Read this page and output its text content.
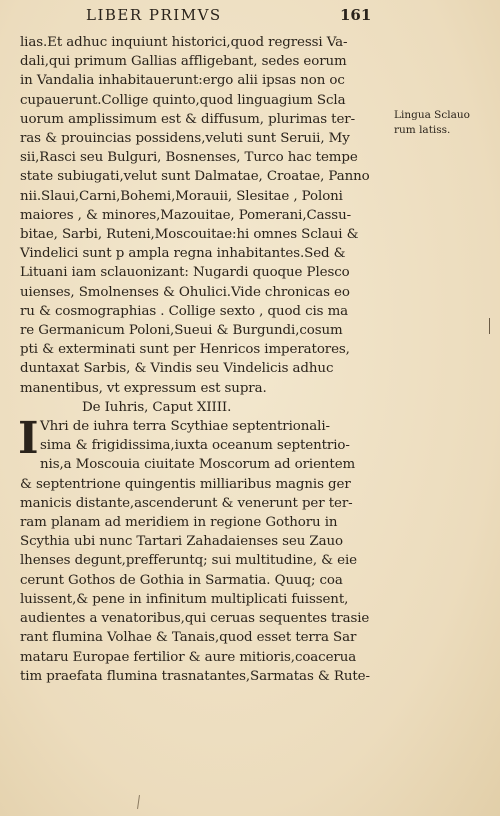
LIBER PRIMVS	161
lias.Et adhuc inquiunt historici,quod regressi Va‑
dali,qui primum Gallias affligebant, sedes eorum
in Vandalia inhabitauerunt:ergo alii ipsas non oc
cupauerunt.Collige quinto,quod linguagium Scla
uorum amplissimum est & diffusum, plurimas ter‑
ras & prouincias possidens,veluti sunt Seruii, My
sii,Rasci seu Bulguri, Bosnenses, Turco hac tempe
state subiugati,velut sunt Dalmatae, Croatae, Panno
nii.Slaui,Carni,Bohemi,Morauii, Slesitae , Poloni
maiores , & minores,Mazouitae, Pomerani,Cassu‑
bitae, Sarbi, Ruteni,Moscouitae:hi omnes Sclaui &
Vindelici sunt p ampla regna inhabitantes.Sed &
Lituani iam sclauonizant: Nugardi quoque Plesco
uienses, Smolnenses & Ohulici.Vide chronicas eo
ru & cosmographias . Collige sexto , quod cis ma
re Germanicum Poloni,Sueui & Burgundi,cosum
pti & exterminati sunt per Henricos imperatores,
duntaxat Sarbis, & Vindis seu Vindelicis adhuc
manentibus, vt expressum est supra.
De Iuhris, Caput XIIII.
I Vhri de iuhra terra Scythiae septentrionali‑
sima & frigidissima,iuxta oceanum septentrio‑
nis,a Moscouia ciuitate Moscorum ad orientem
& septentrione quingentis milliaribus magnis ger
manicis distante,ascenderunt & venerunt per ter‑
ram planam ad meridiem in regione Gothoru in
Scythia ubi nunc Tartari Zahadaienses seu Zauo
lhenses degunt,prefferuntq; sui multitudine, & eie
cerunt Gothos de Gothia in Sarmatia. Quuq; coa
luissent,& pene in infinitum multiplicati fuissent,
audientes a venatoribus,qui ceruas sequentes trasie
rant flumina Volhae & Tanais,quod esset terra Sar
mataru Europae fertilior & aure mitioris,coacerua
tim praefata flumina trasnatantes,Sarmatas & Rute‑
Lingua Sclauo
rum latiss.
